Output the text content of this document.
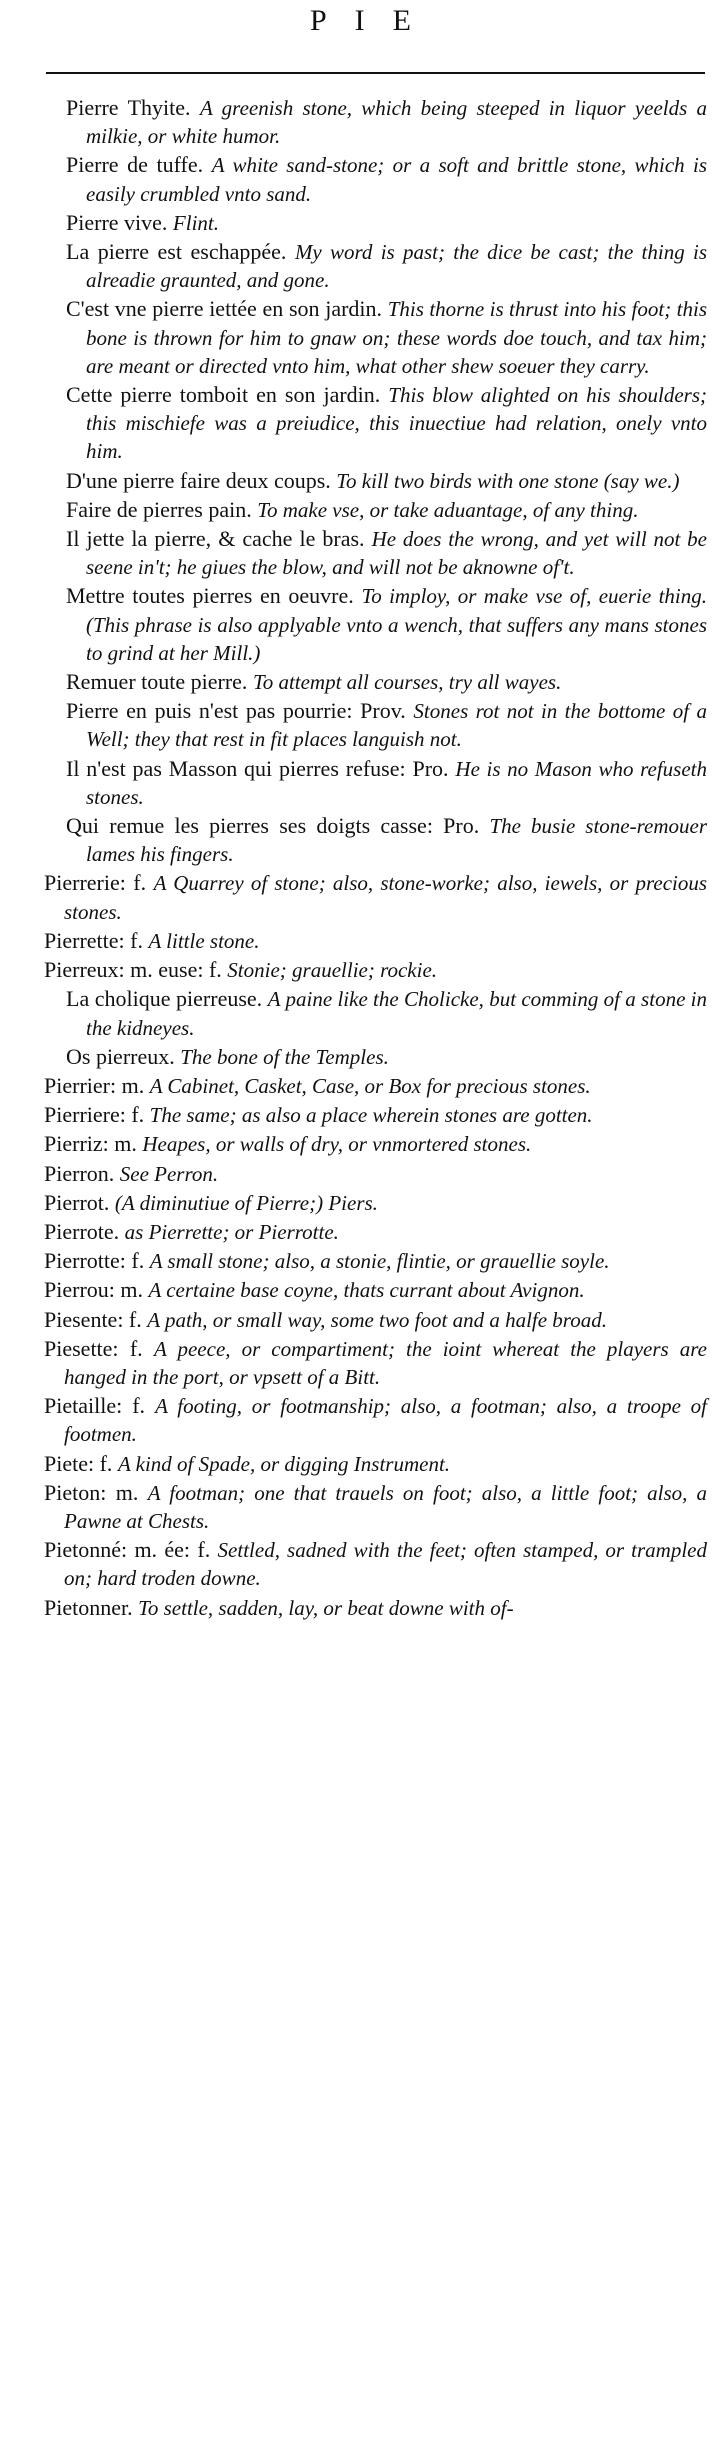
PIE
Pierre Thyite. A greenish stone, which being steeped in liquor yeelds a milkie, or white humor.
Pierre de tuffe. A white sand-stone; or a soft and brittle stone, which is easily crumbled vnto sand.
Pierre vive. Flint.
La pierre est eschappée. My word is past; the dice be cast; the thing is alreadie graunted, and gone.
C'est vne pierre iettée en son jardin. This thorne is thrust into his foot; this bone is thrown for him to gnaw on; these words doe touch, and tax him; are meant or directed vnto him, what other shew soeuer they carry.
Cette pierre tomboit en son jardin. This blow alighted on his shoulders; this mischiefe was a preiudice, this inuectiue had relation, onely vnto him.
D'une pierre faire deux coups. To kill two birds with one stone (say we.)
Faire de pierres pain. To make vse, or take aduantage, of any thing.
Il jette la pierre, & cache le bras. He does the wrong, and yet will not be seene in't; he giues the blow, and will not be aknowne of't.
Mettre toutes pierres en oeuvre. To imploy, or make vse of, euerie thing. (This phrase is also applyable vnto a wench, that suffers any mans stones to grind at her Mill.)
Remuer toute pierre. To attempt all courses, try all wayes.
Pierre en puis n'est pas pourrie: Prov. Stones rot not in the bottome of a Well; they that rest in fit places languish not.
Il n'est pas Masson qui pierres refuse: Pro. He is no Mason who refuseth stones.
Qui remue les pierres ses doigts casse: Pro. The busie stone-remouer lames his fingers.
Pierrerie: f. A Quarrey of stone; also, stone-worke; also, iewels, or precious stones.
Pierrette: f. A little stone.
Pierreux: m. euse: f. Stonie; grauellie; rockie.
La cholique pierreuse. A paine like the Cholicke, but comming of a stone in the kidneyes.
Os pierreux. The bone of the Temples.
Pierrier: m. A Cabinet, Casket, Case, or Box for precious stones.
Pierriere: f. The same; as also a place wherein stones are gotten.
Pierriz: m. Heapes, or walls of dry, or vnmortered stones.
Pierron. See Perron.
Pierrot. (A diminutiue of Pierre;) Piers.
Pierrote. as Pierrette; or Pierrotte.
Pierrotte: f. A small stone; also, a stonie, flintie, or grauellie soyle.
Pierrou: m. A certaine base coyne, thats currant about Avignon.
Piesente: f. A path, or small way, some two foot and a halfe broad.
Piesette: f. A peece, or compartiment; the ioint whereat the players are hanged in the port, or vpsett of a Bitt.
Pietaille: f. A footing, or footmanship; also, a footman; also, a troope of footmen.
Piete: f. A kind of Spade, or digging Instrument.
Pieton: m. A footman; one that trauels on foot; also, a little foot; also, a Pawne at Chests.
Pietonné: m. ée: f. Settled, sadned with the feet; often stamped, or trampled on; hard troden downe.
Pietonner. To settle, sadden, lay, or beat downe with of-
